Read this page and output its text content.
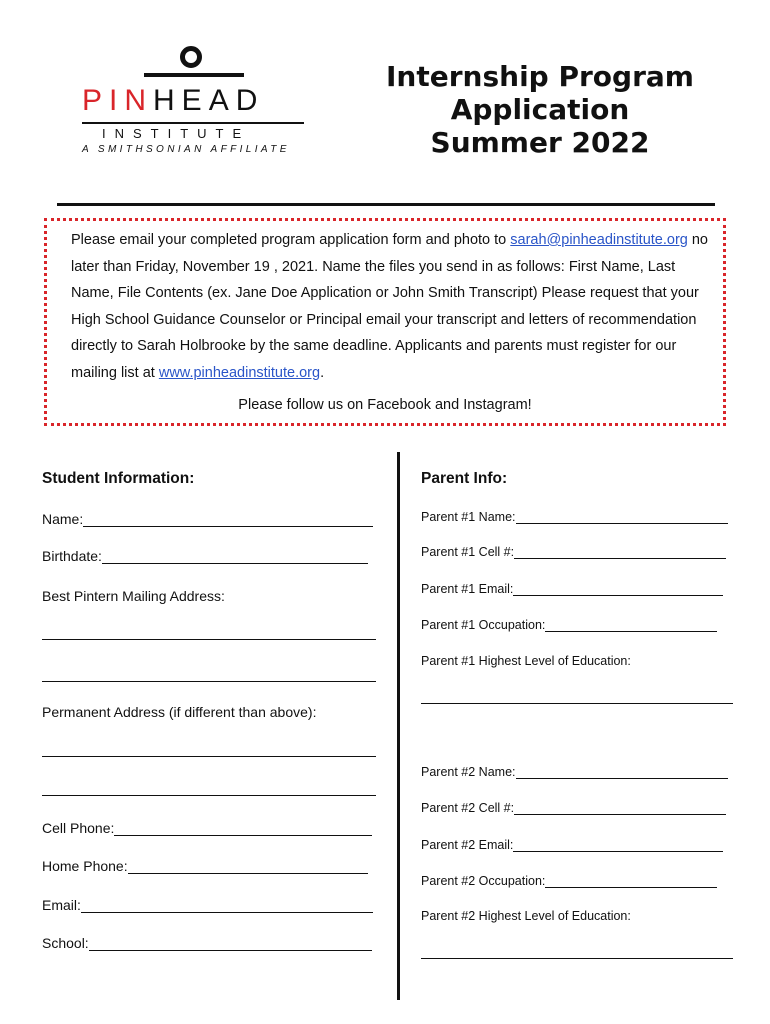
PINHEAD
INSTITUTE
A SMITHSONIAN AFFILIATE
Internship Program
Application
Summer 2022

Please email your completed program application form and photo to sarah@pinheadinstitute.org no later than Friday, November 19 , 2021. Name the files you send in as follows: First Name, Last Name, File Contents (ex. Jane Doe Application or John Smith Transcript) Please request that your High School Guidance Counselor or Principal email your transcript and letters of recommendation directly to Sarah Holbrooke by the same deadline. Applicants and parents must register for our mailing list at www.pinheadinstitute.org.

Please follow us on Facebook and Instagram!
Student Information:
Name:
Birthdate:
Best Pintern Mailing Address:
Permanent Address (if different than above):
Cell Phone:
Home Phone:
Email:
School:
Parent Info:
Parent #1 Name:
Parent #1 Cell #:
Parent #1 Email:
Parent #1 Occupation:
Parent #1 Highest Level of Education:
Parent #2 Name:
Parent #2 Cell #:
Parent #2 Email:
Parent #2 Occupation:
Parent #2 Highest Level of Education:
